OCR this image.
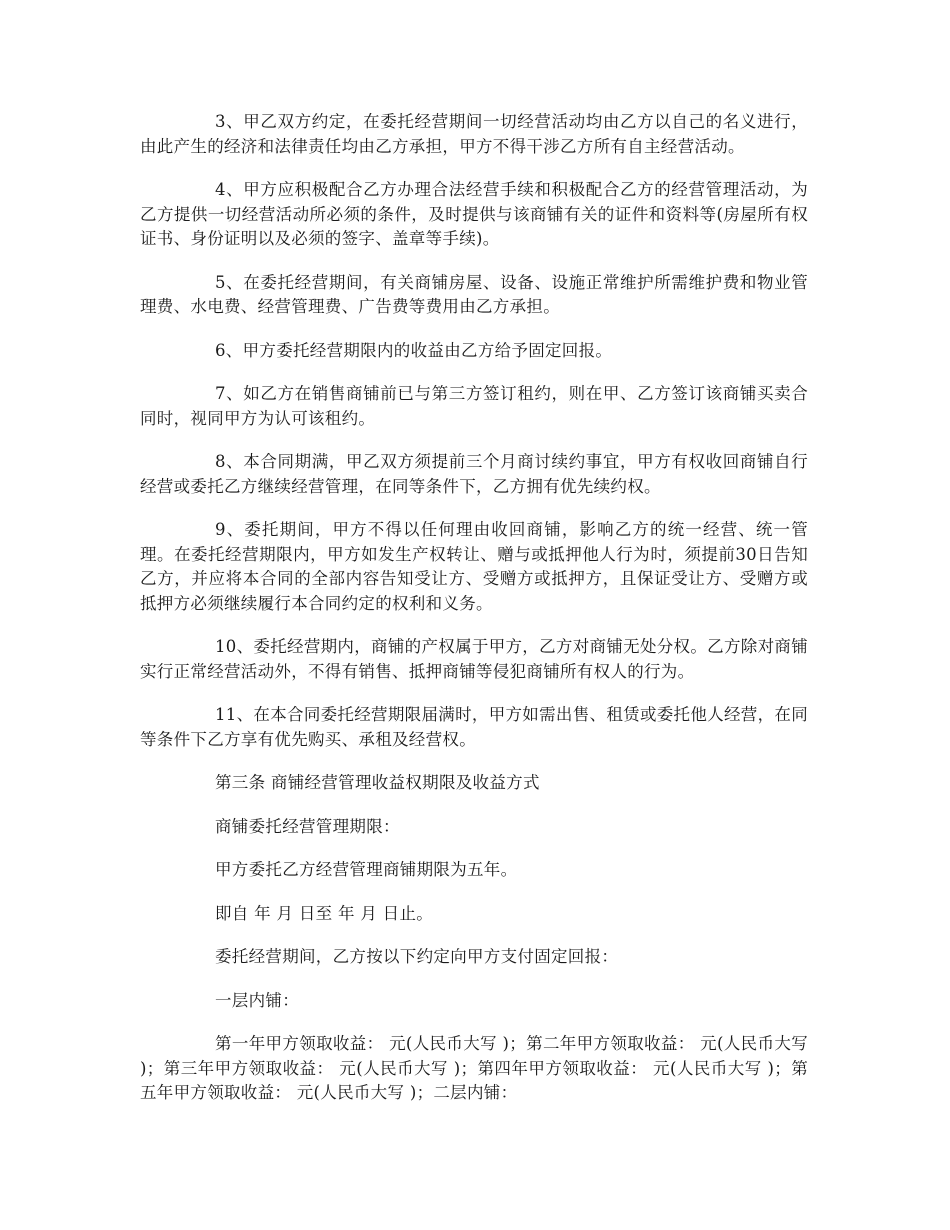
3、甲乙双方约定，在委托经营期间一切经营活动均由乙方以自己的名义进行，由此产生的经济和法律责任均由乙方承担，甲方不得干涉乙方所有自主经营活动。

4、甲方应积极配合乙方办理合法经营手续和积极配合乙方的经营管理活动，为乙方提供一切经营活动所必须的条件，及时提供与该商铺有关的证件和资料等(房屋所有权证书、身份证明以及必须的签字、盖章等手续)。

5、在委托经营期间，有关商铺房屋、设备、设施正常维护所需维护费和物业管理费、水电费、经营管理费、广告费等费用由乙方承担。

6、甲方委托经营期限内的收益由乙方给予固定回报。

7、如乙方在销售商铺前已与第三方签订租约，则在甲、乙方签订该商铺买卖合同时，视同甲方为认可该租约。

8、本合同期满，甲乙双方须提前三个月商讨续约事宜，甲方有权收回商铺自行经营或委托乙方继续经营管理，在同等条件下，乙方拥有优先续约权。

9、委托期间，甲方不得以任何理由收回商铺，影响乙方的统一经营、统一管理。在委托经营期限内，甲方如发生产权转让、赠与或抵押他人行为时，须提前30日告知乙方，并应将本合同的全部内容告知受让方、受赠方或抵押方，且保证受让方、受赠方或抵押方必须继续履行本合同约定的权利和义务。

10、委托经营期内，商铺的产权属于甲方，乙方对商铺无处分权。乙方除对商铺实行正常经营活动外，不得有销售、抵押商铺等侵犯商铺所有权人的行为。

11、在本合同委托经营期限届满时，甲方如需出售、租赁或委托他人经营，在同等条件下乙方享有优先购买、承租及经营权。

第三条 商铺经营管理收益权期限及收益方式

商铺委托经营管理期限：

甲方委托乙方经营管理商铺期限为五年。

即自 年 月 日至 年 月 日止。

委托经营期间，乙方按以下约定向甲方支付固定回报：

一层内铺：

第一年甲方领取收益： 元(人民币大写 )；第二年甲方领取收益： 元(人民币大写 )；第三年甲方领取收益： 元(人民币大写 )；第四年甲方领取收益： 元(人民币大写 )；第五年甲方领取收益： 元(人民币大写 )；二层内铺：
